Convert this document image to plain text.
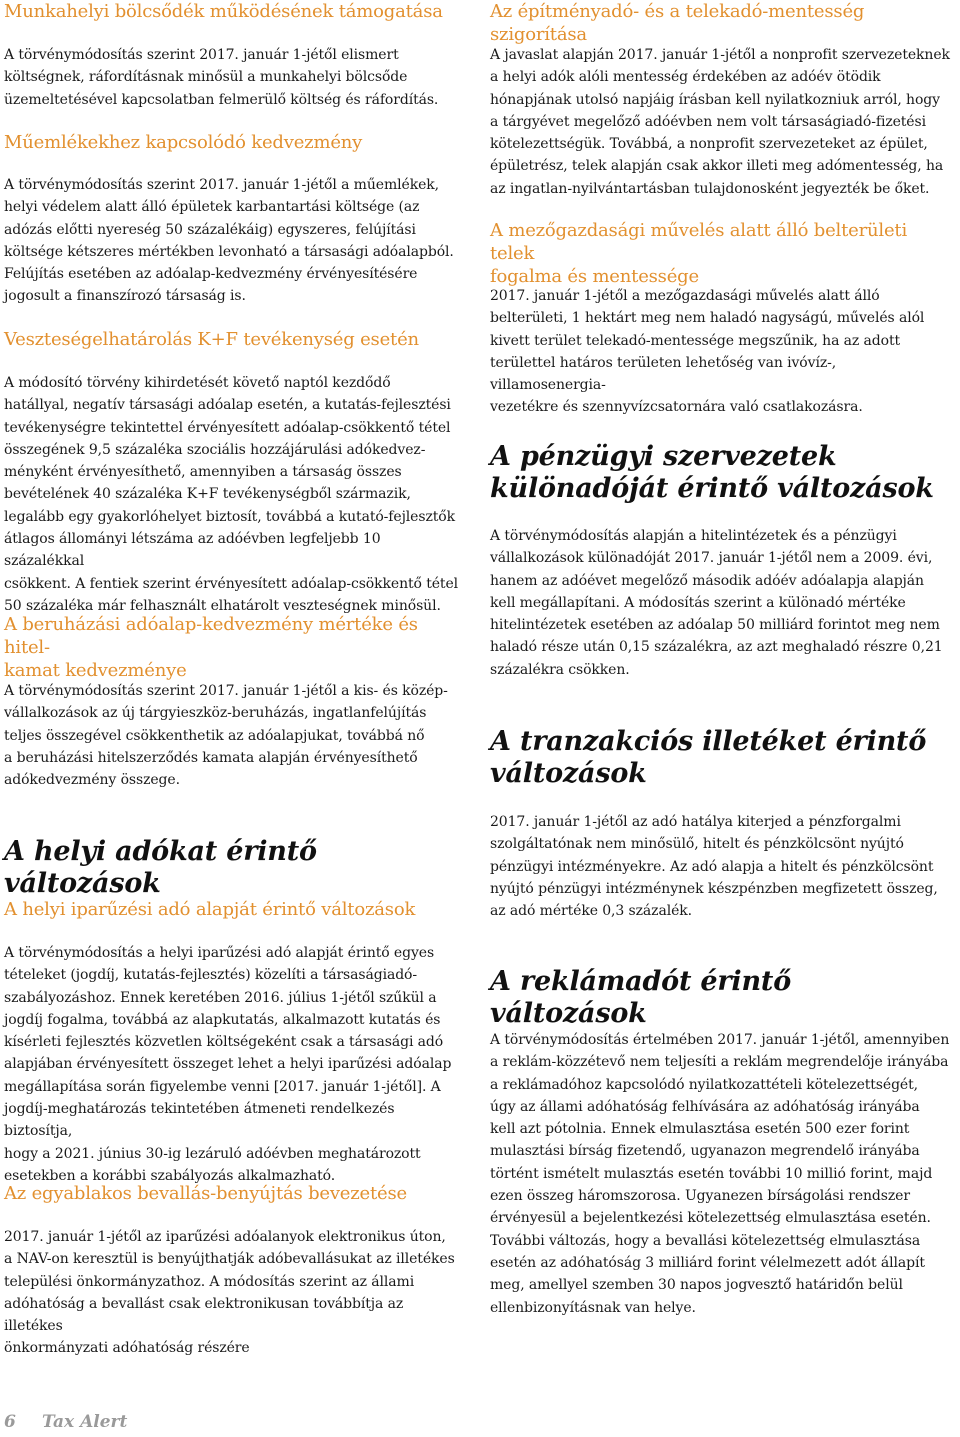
Munkahelyi bölcsődék működésének támogatása

A törvénymódosítás szerint 2017. január 1-jétől elismert
költségnek, ráfordításnak minősül a munkahelyi bölcsőde
üzemeltetésével kapcsolatban felmerülő költség és ráfordítás.

Műemlékekhez kapcsolódó kedvezmény

A törvénymódosítás szerint 2017. január 1-jétől a műemlékek,
helyi védelem alatt álló épületek karbantartási költsége (az
adózás előtti nyereség 50 százalékáig) egyszeres, felújítási
költsége kétszeres mértékben levonható a társasági adóalapból.
Felújítás esetében az adóalap-kedvezmény érvényesítésére
jogosult a finanszírozó társaság is.

Veszteségelhatárolás K+F tevékenység esetén

A módosító törvény kihirdetését követő naptól kezdődő
hatállyal, negatív társasági adóalap esetén, a kutatás-fejlesztési
tevékenységre tekintettel érvényesített adóalap-csökkentő tétel
összegének 9,5 százaléka szociális hozzájárulási adókedvez-
ményként érvényesíthető, amennyiben a társaság összes
bevételének 40 százaléka K+F tevékenységből származik,
legalább egy gyakorlóhelyet biztosít, továbbá a kutató-fejlesztők
átlagos állományi létszáma az adóévben legfeljebb 10 százalékkal
csökkent. A fentiek szerint érvényesített adóalap-csökkentő tétel
50 százaléka már felhasznált elhatárolt veszteségnek minősül.

A beruházási adóalap-kedvezmény mértéke és hitel-
kamat kedvezménye

A törvénymódosítás szerint 2017. január 1-jétől a kis- és közép-
vállalkozások az új tárgyieszköz-beruházás, ingatlanfelújítás
teljes összegével csökkenthetik az adóalapjukat, továbbá nő
a beruházási hitelszerződés kamata alapján érvényesíthető
adókedvezmény összege.

A helyi adókat érintő változások
A helyi iparűzési adó alapját érintő változások

A törvénymódosítás a helyi iparűzési adó alapját érintő egyes
tételeket (jogdíj, kutatás-fejlesztés) közelíti a társaságiadó-
szabályozáshoz. Ennek keretében 2016. július 1-jétől szűkül a
jogdíj fogalma, továbbá az alapkutatás, alkalmazott kutatás és
kísérleti fejlesztés közvetlen költségeként csak a társasági adó
alapjában érvényesített összeget lehet a helyi iparűzési adóalap
megállapítása során figyelembe venni [2017. január 1-jétől]. A
jogdíj-meghatározás tekintetében átmeneti rendelkezés biztosítja,
hogy a 2021. június 30-ig lezáruló adóévben meghatározott
esetekben a korábbi szabályozás alkalmazható.

Az egyablakos bevallás-benyújtás bevezetése

2017. január 1-jétől az iparűzési adóalanyok elektronikus úton,
a NAV-on keresztül is benyújthatják adóbevallásukat az illetékes
települési önkormányzathoz. A módosítás szerint az állami
adóhatóság a bevallást csak elektronikusan továbbítja az illetékes
önkormányzati adóhatóság részére

Az építményadó- és a telekadó-mentesség szigorítása

A javaslat alapján 2017. január 1-jétől a nonprofit szervezeteknek
a helyi adók alóli mentesség érdekében az adóév ötödik
hónapjának utolsó napjáig írásban kell nyilatkozniuk arról, hogy
a tárgyévet megelőző adóévben nem volt társaságiadó-fizetési
kötelezettségük. Továbbá, a nonprofit szervezeteket az épület,
épületrész, telek alapján csak akkor illeti meg adómentesség, ha
az ingatlan-nyilvántartásban tulajdonosként jegyezték be őket.

A mezőgazdasági művelés alatt álló belterületi telek
fogalma és mentessége

2017. január 1-jétől a mezőgazdasági művelés alatt álló
belterületi, 1 hektárt meg nem haladó nagyságú, művelés alól
kivett terület telekadó-mentessége megszűnik, ha az adott
területtel határos területen lehetőség van ivóvíz-, villamosenergia-
vezetékre és szennyvízcsatornára való csatlakozásra.

A pénzügyi szervezetek
különadóját érintő változások

A törvénymódosítás alapján a hitelintézetek és a pénzügyi
vállalkozások különadóját 2017. január 1-jétől nem a 2009. évi,
hanem az adóévet megelőző második adóév adóalapja alapján
kell megállapítani. A módosítás szerint a különadó mértéke
hitelintézetek esetében az adóalap 50 milliárd forintot meg nem
haladó része után 0,15 százalékra, az azt meghaladó részre 0,21
százalékra csökken.

A tranzakciós illetéket érintő
változások

2017. január 1-jétől az adó hatálya kiterjed a pénzforgalmi
szolgáltatónak nem minősülő, hitelt és pénzkölcsönt nyújtó
pénzügyi intézményekre. Az adó alapja a hitelt és pénzkölcsönt
nyújtó pénzügyi intézménynek készpénzben megfizetett összeg,
az adó mértéke 0,3 százalék.

A reklámadót érintő változások

A törvénymódosítás értelmében 2017. január 1-jétől, amennyiben
a reklám-közzétevő nem teljesíti a reklám megrendelője irányába
a reklámadóhoz kapcsolódó nyilatkozattételi kötelezettségét,
úgy az állami adóhatóság felhívására az adóhatóság irányába
kell azt pótolnia. Ennek elmulasztása esetén 500 ezer forint
mulasztási bírság fizetendő, ugyanazon megrendelő irányába
történt ismételt mulasztás esetén további 10 millió forint, majd
ezen összeg háromszorosa. Ugyanezen bírságolási rendszer
érvényesül a bejelentkezési kötelezettség elmulasztása esetén.
További változás, hogy a bevallási kötelezettség elmulasztása
esetén az adóhatóság 3 milliárd forint vélelmezett adót állapít
meg, amellyel szemben 30 napos jogvesztő határidőn belül
ellenbizonyításnak van helye.

6 Tax Alert
